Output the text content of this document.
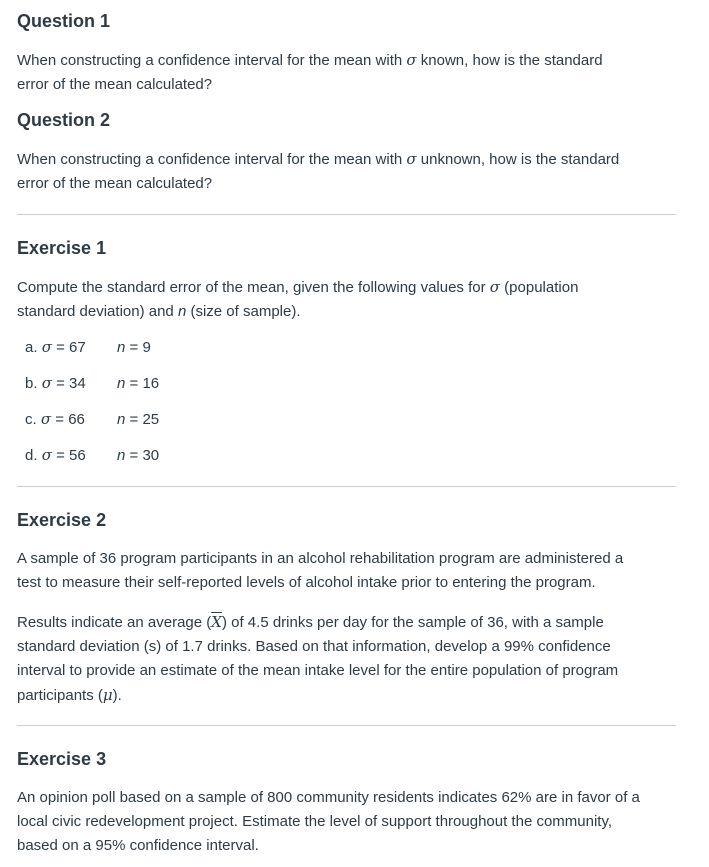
Question 1

When constructing a confidence interval for the mean with σ known, how is the standard
error of the mean calculated?

Question 2

When constructing a confidence interval for the mean with σ unknown, how is the standard
error of the mean calculated?

Exercise 1

Compute the standard error of the mean, given the following values for σ (population
standard deviation) and n (size of sample).

a. σ = 67	n = 9
b. σ = 34	n = 16
c. σ = 66	n = 25
d. σ = 56	n = 30
Exercise 2

A sample of 36 program participants in an alcohol rehabilitation program are administered a
test to measure their self-reported levels of alcohol intake prior to entering the program.

Results indicate an average $(\overline{X})$ of 4.5 drinks per day for the sample of 36, with a sample
standard deviation (s) of 1.7 drinks. Based on that information, develop a 99% confidence
interval to provide an estimate of the mean intake level for the entire population of program
participants (μ).

Exercise 3

An opinion poll based on a sample of 800 community residents indicates 62% are in favor of a
local civic redevelopment project. Estimate the level of support throughout the community,
based on a 95% confidence interval.
